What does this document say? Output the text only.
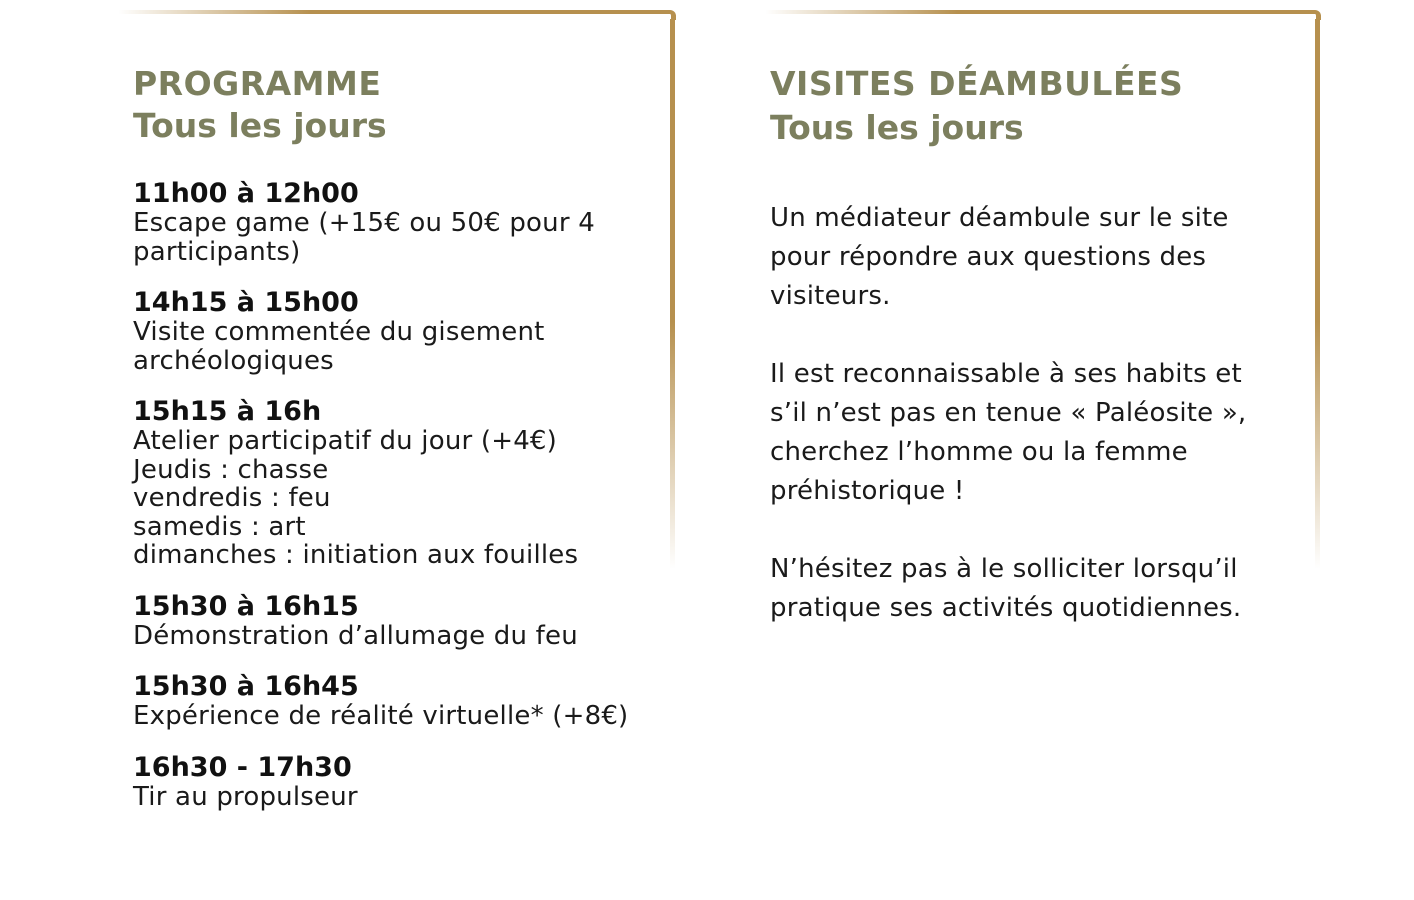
PROGRAMME
Tous les jours
11h00 à 12h00
Escape game (+15€ ou 50€ pour 4
participants)
14h15 à 15h00
Visite commentée du gisement
archéologiques
15h15 à 16h
Atelier participatif du jour (+4€)
Jeudis : chasse
vendredis : feu
samedis : art
dimanches : initiation aux fouilles
15h30 à 16h15
Démonstration d’allumage du feu
15h30 à 16h45
Expérience de réalité virtuelle* (+8€)
16h30 - 17h30
Tir au propulseur
VISITES DÉAMBULÉES
Tous les jours

Un médiateur déambule sur le site
pour répondre aux questions des
visiteurs.

Il est reconnaissable à ses habits et
s’il n’est pas en tenue « Paléosite »,
cherchez l’homme ou la femme
préhistorique !

N’hésitez pas à le solliciter lorsqu’il
pratique ses activités quotidiennes.
